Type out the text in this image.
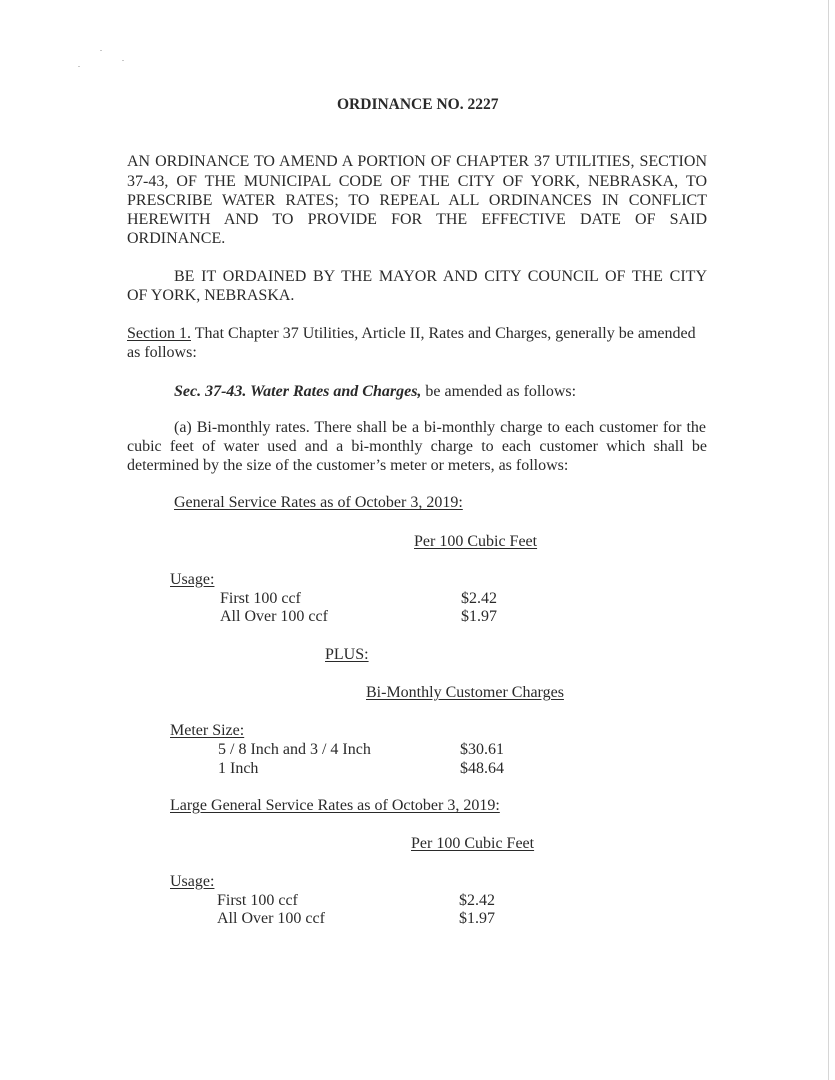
ORDINANCE NO. 2227
AN ORDINANCE TO AMEND A PORTION OF CHAPTER 37 UTILITIES, SECTION
37-43, OF THE MUNICIPAL CODE OF THE CITY OF YORK, NEBRASKA, TO
PRESCRIBE WATER RATES; TO REPEAL ALL ORDINANCES IN CONFLICT
HEREWITH AND TO PROVIDE FOR THE EFFECTIVE DATE OF SAID
ORDINANCE.
BE IT ORDAINED BY THE MAYOR AND CITY COUNCIL OF THE CITY
OF YORK, NEBRASKA.
Section 1. That Chapter 37 Utilities, Article II, Rates and Charges, generally be amended
as follows:
Sec. 37-43. Water Rates and Charges, be amended as follows:
(a) Bi-monthly rates. There shall be a bi-monthly charge to each customer for the
cubic feet of water used and a bi-monthly charge to each customer which shall be
determined by the size of the customer’s meter or meters, as follows:
General Service Rates as of October 3, 2019:
Per 100 Cubic Feet
Usage:
First 100 ccf	$2.42
All Over 100 ccf	$1.97
PLUS:
Bi-Monthly Customer Charges
Meter Size:
5 / 8 Inch and 3 / 4 Inch	$30.61
1 Inch	$48.64
Large General Service Rates as of October 3, 2019:
Per 100 Cubic Feet
Usage:
First 100 ccf	$2.42
All Over 100 ccf	$1.97
